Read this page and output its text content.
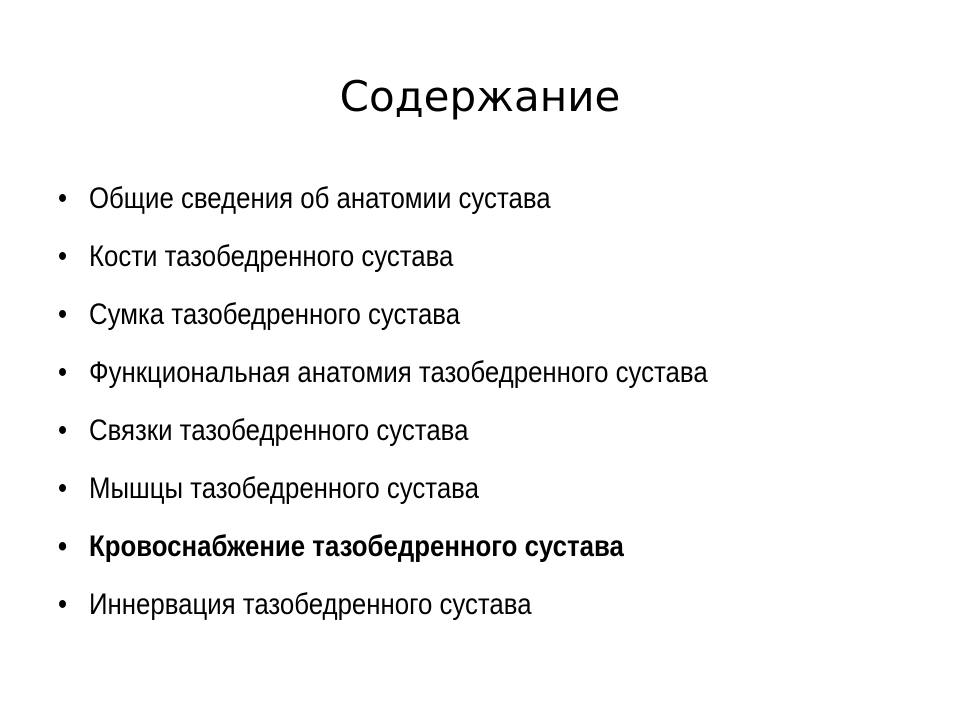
Содержание
• Общие сведения об анатомии сустава
• Кости тазобедренного сустава
• Сумка тазобедренного сустава
• Функциональная анатомия тазобедренного сустава
• Связки тазобедренного сустава
• Мышцы тазобедренного сустава
• Кровоснабжение тазобедренного сустава
• Иннервация тазобедренного сустава
